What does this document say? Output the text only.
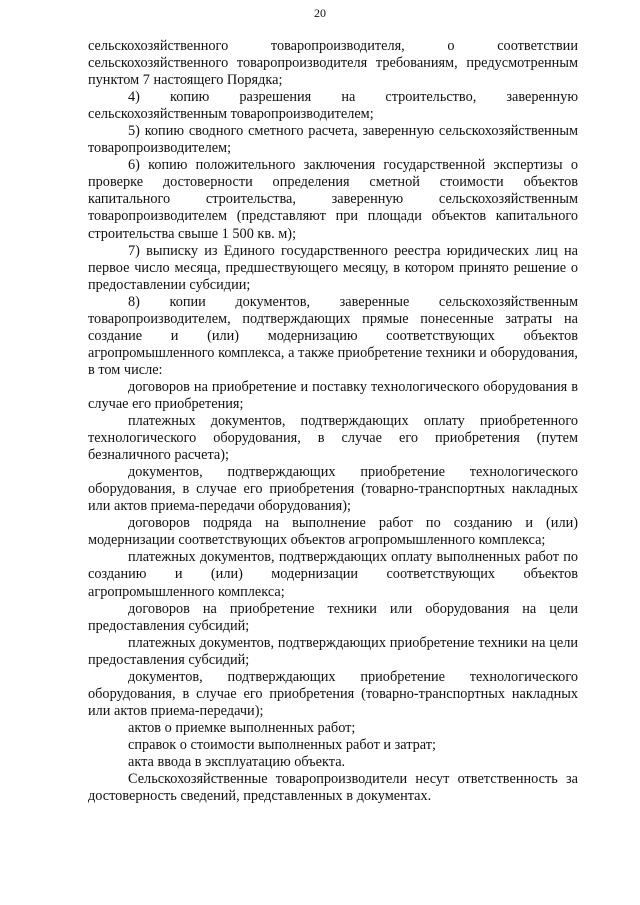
20

сельскохозяйственного товаропроизводителя, о соответствии сельскохозяйственного товаропроизводителя требованиям, предусмотренным пунктом 7 настоящего Порядка;

4) копию разрешения на строительство, заверенную сельскохозяйственным товаропроизводителем;

5) копию сводного сметного расчета, заверенную сельскохозяйственным товаропроизводителем;

6) копию положительного заключения государственной экспертизы о проверке достоверности определения сметной стоимости объектов капитального строительства, заверенную сельскохозяйственным товаропроизводителем (представляют при площади объектов капитального строительства свыше 1 500 кв. м);

7) выписку из Единого государственного реестра юридических лиц на первое число месяца, предшествующего месяцу, в котором принято решение о предоставлении субсидии;

8) копии документов, заверенные сельскохозяйственным товаропроизводителем, подтверждающих прямые понесенные затраты на создание и (или) модернизацию соответствующих объектов агропромышленного комплекса, а также приобретение техники и оборудования, в том числе:

договоров на приобретение и поставку технологического оборудования в случае его приобретения;

платежных документов, подтверждающих оплату приобретенного технологического оборудования, в случае его приобретения (путем безналичного расчета);

документов, подтверждающих приобретение технологического оборудования, в случае его приобретения (товарно-транспортных накладных или актов приема-передачи оборудования);

договоров подряда на выполнение работ по созданию и (или) модернизации соответствующих объектов агропромышленного комплекса;

платежных документов, подтверждающих оплату выполненных работ по созданию и (или) модернизации соответствующих объектов агропромышленного комплекса;

договоров на приобретение техники или оборудования на цели предоставления субсидий;

платежных документов, подтверждающих приобретение техники на цели предоставления субсидий;

документов, подтверждающих приобретение технологического оборудования, в случае его приобретения (товарно-транспортных накладных или актов приема-передачи);

актов о приемке выполненных работ;

справок о стоимости выполненных работ и затрат;

акта ввода в эксплуатацию объекта.

Сельскохозяйственные товаропроизводители несут ответственность за достоверность сведений, представленных в документах.
